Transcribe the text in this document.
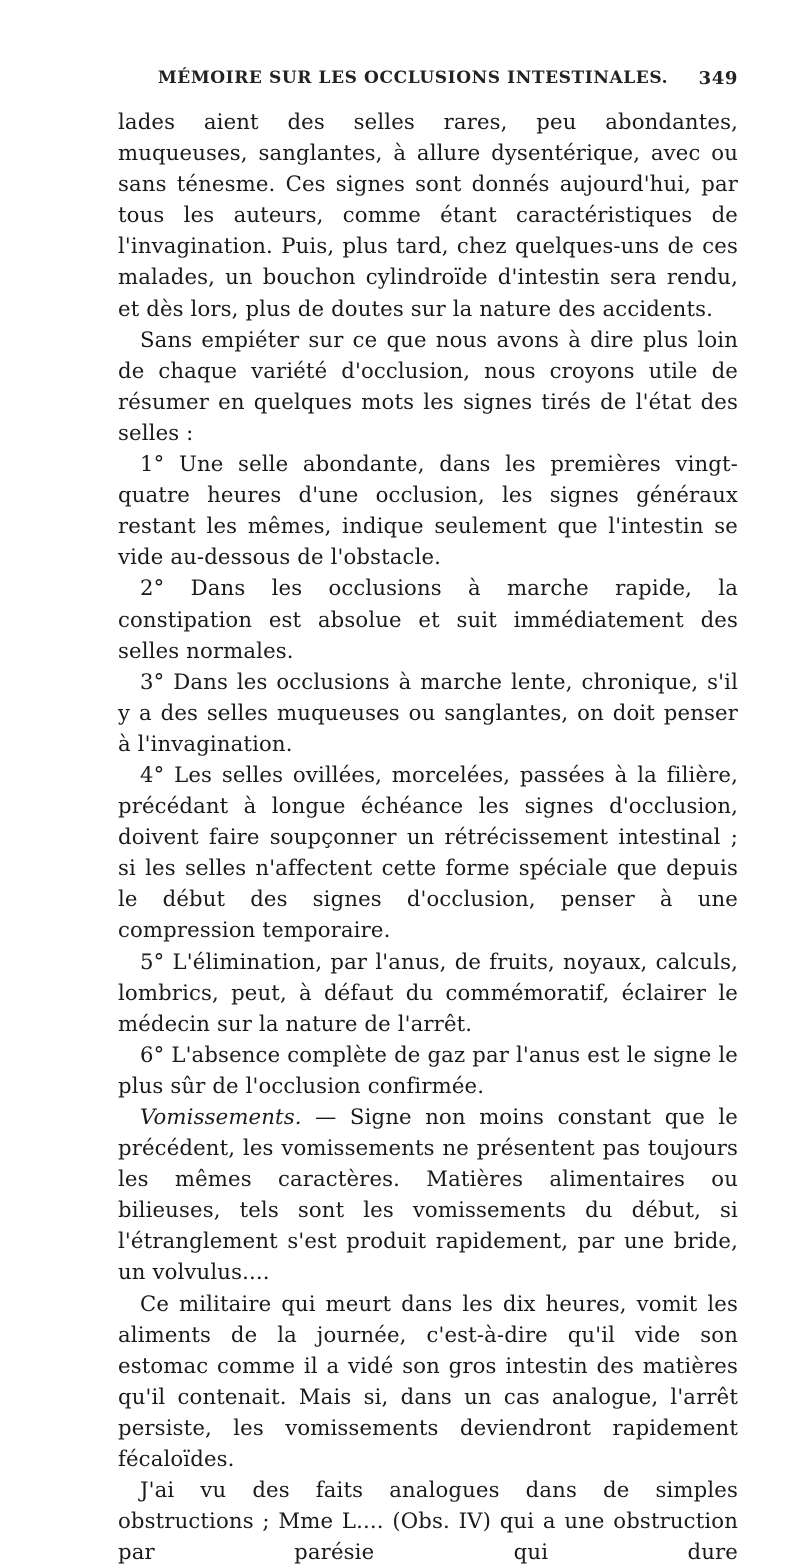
MÉMOIRE SUR LES OCCLUSIONS INTESTINALES.	349

lades aient des selles rares, peu abondantes, muqueuses, sanglantes, à allure dysentérique, avec ou sans ténesme. Ces signes sont donnés aujourd'hui, par tous les auteurs, comme étant caractéristiques de l'invagination. Puis, plus tard, chez quelques-uns de ces malades, un bouchon cylindroïde d'intestin sera rendu, et dès lors, plus de doutes sur la nature des accidents.

Sans empiéter sur ce que nous avons à dire plus loin de chaque variété d'occlusion, nous croyons utile de résumer en quelques mots les signes tirés de l'état des selles :

1° Une selle abondante, dans les premières vingt-quatre heures d'une occlusion, les signes généraux restant les mêmes, indique seulement que l'intestin se vide au-dessous de l'obstacle.

2° Dans les occlusions à marche rapide, la constipation est absolue et suit immédiatement des selles normales.

3° Dans les occlusions à marche lente, chronique, s'il y a des selles muqueuses ou sanglantes, on doit penser à l'invagination.

4° Les selles ovillées, morcelées, passées à la filière, précédant à longue échéance les signes d'occlusion, doivent faire soupçonner un rétrécissement intestinal ; si les selles n'affectent cette forme spéciale que depuis le début des signes d'occlusion, penser à une compression temporaire.

5° L'élimination, par l'anus, de fruits, noyaux, calculs, lombrics, peut, à défaut du commémoratif, éclairer le médecin sur la nature de l'arrêt.

6° L'absence complète de gaz par l'anus est le signe le plus sûr de l'occlusion confirmée.

Vomissements. — Signe non moins constant que le précédent, les vomissements ne présentent pas toujours les mêmes caractères. Matières alimentaires ou bilieuses, tels sont les vomissements du début, si l'étranglement s'est produit rapidement, par une bride, un volvulus....

Ce militaire qui meurt dans les dix heures, vomit les aliments de la journée, c'est-à-dire qu'il vide son estomac comme il a vidé son gros intestin des matières qu'il contenait. Mais si, dans un cas analogue, l'arrêt persiste, les vomissements deviendront rapidement fécaloïdes.

J'ai vu des faits analogues dans de simples obstructions ; Mme L.... (Obs. IV) qui a une obstruction par parésie qui dure
